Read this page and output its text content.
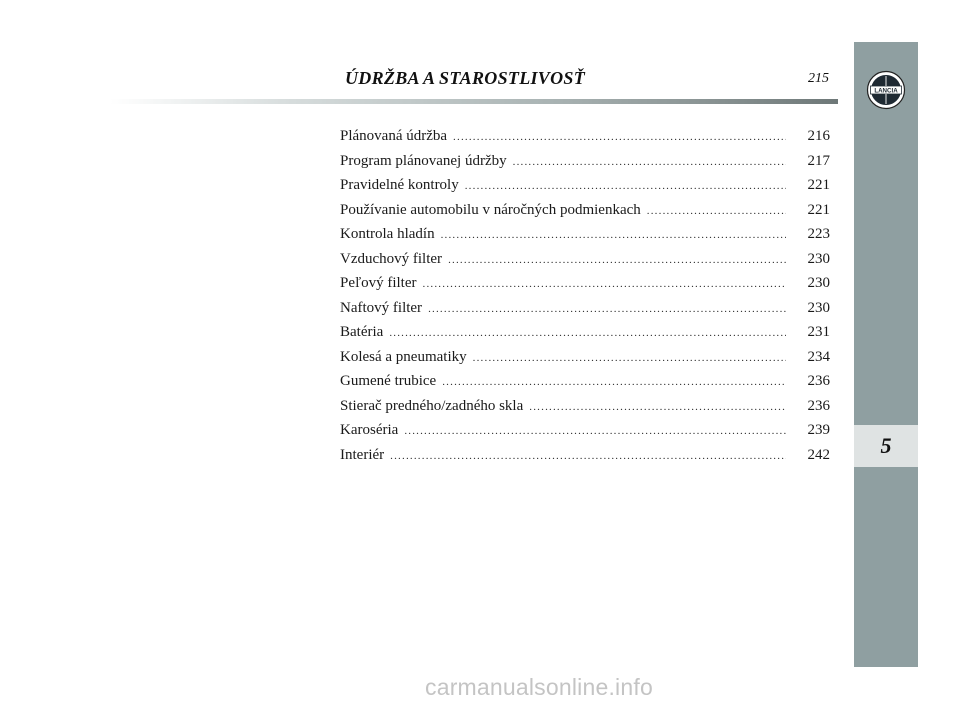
ÚDRŽBA A STAROSTLIVOSŤ	215
Plánovaná údržba .....	216
Program plánovanej údržby .....	217
Pravidelné kontroly .....	221
Používanie automobilu v náročných podmienkach .....	221
Kontrola hladín .....	223
Vzduchový filter .....	230
Peľový filter .....	230
Naftový filter .....	230
Batéria .....	231
Kolesá a pneumatiky .....	234
Gumené trubice .....	236
Stierač predného/zadného skla .....	236
Karoséria .....	239
Interiér .....	242
LANCIA
5
carmanualsonline.info
